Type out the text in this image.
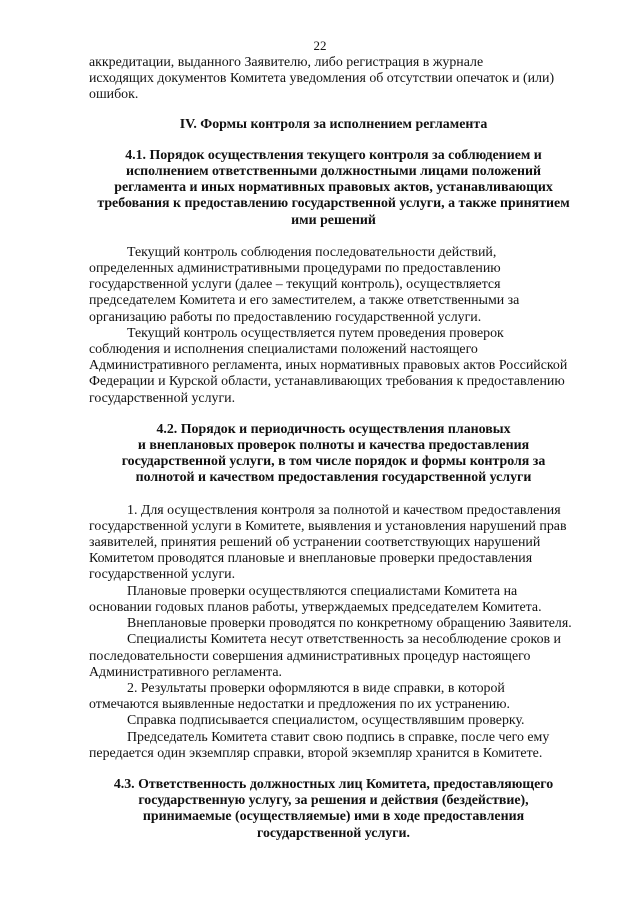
22

аккредитации, выданного Заявителю, либо регистрация в журнале
исходящих документов Комитета уведомления об отсутствии опечаток и (или)
ошибок.

IV. Формы контроля за исполнением регламента

4.1. Порядок осуществления текущего контроля за соблюдением и
исполнением ответственными должностными лицами положений
регламента и иных нормативных правовых актов, устанавливающих
требования к предоставлению государственной услуги, а также принятием
ими решений

Текущий контроль соблюдения последовательности действий,
определенных административными процедурами по предоставлению
государственной услуги (далее – текущий контроль), осуществляется
председателем Комитета и его заместителем, а также ответственными за
организацию работы по предоставлению государственной услуги.

Текущий контроль осуществляется путем проведения проверок
соблюдения и исполнения специалистами положений настоящего
Административного регламента, иных нормативных правовых актов Российской
Федерации и Курской области, устанавливающих требования к предоставлению
государственной услуги.

4.2. Порядок и периодичность осуществления плановых
и внеплановых проверок полноты и качества предоставления
государственной услуги, в том числе порядок и формы контроля за
полнотой и качеством предоставления государственной услуги

1. Для осуществления контроля за полнотой и качеством предоставления
государственной услуги в Комитете, выявления и установления нарушений прав
заявителей, принятия решений об устранении соответствующих нарушений
Комитетом проводятся плановые и внеплановые проверки предоставления
государственной услуги.

Плановые проверки осуществляются специалистами Комитета на
основании годовых планов работы, утверждаемых председателем Комитета.

Внеплановые проверки проводятся по конкретному обращению Заявителя.

Специалисты Комитета несут ответственность за несоблюдение сроков и
последовательности совершения административных процедур настоящего
Административного регламента.

2. Результаты проверки оформляются в виде справки, в которой
отмечаются выявленные недостатки и предложения по их устранению.

Справка подписывается специалистом, осуществлявшим проверку.

Председатель Комитета ставит свою подпись в справке, после чего ему
передается один экземпляр справки, второй экземпляр хранится в Комитете.

4.3. Ответственность должностных лиц Комитета, предоставляющего
государственную услугу, за решения и действия (бездействие),
принимаемые (осуществляемые) ими в ходе предоставления
государственной услуги.
